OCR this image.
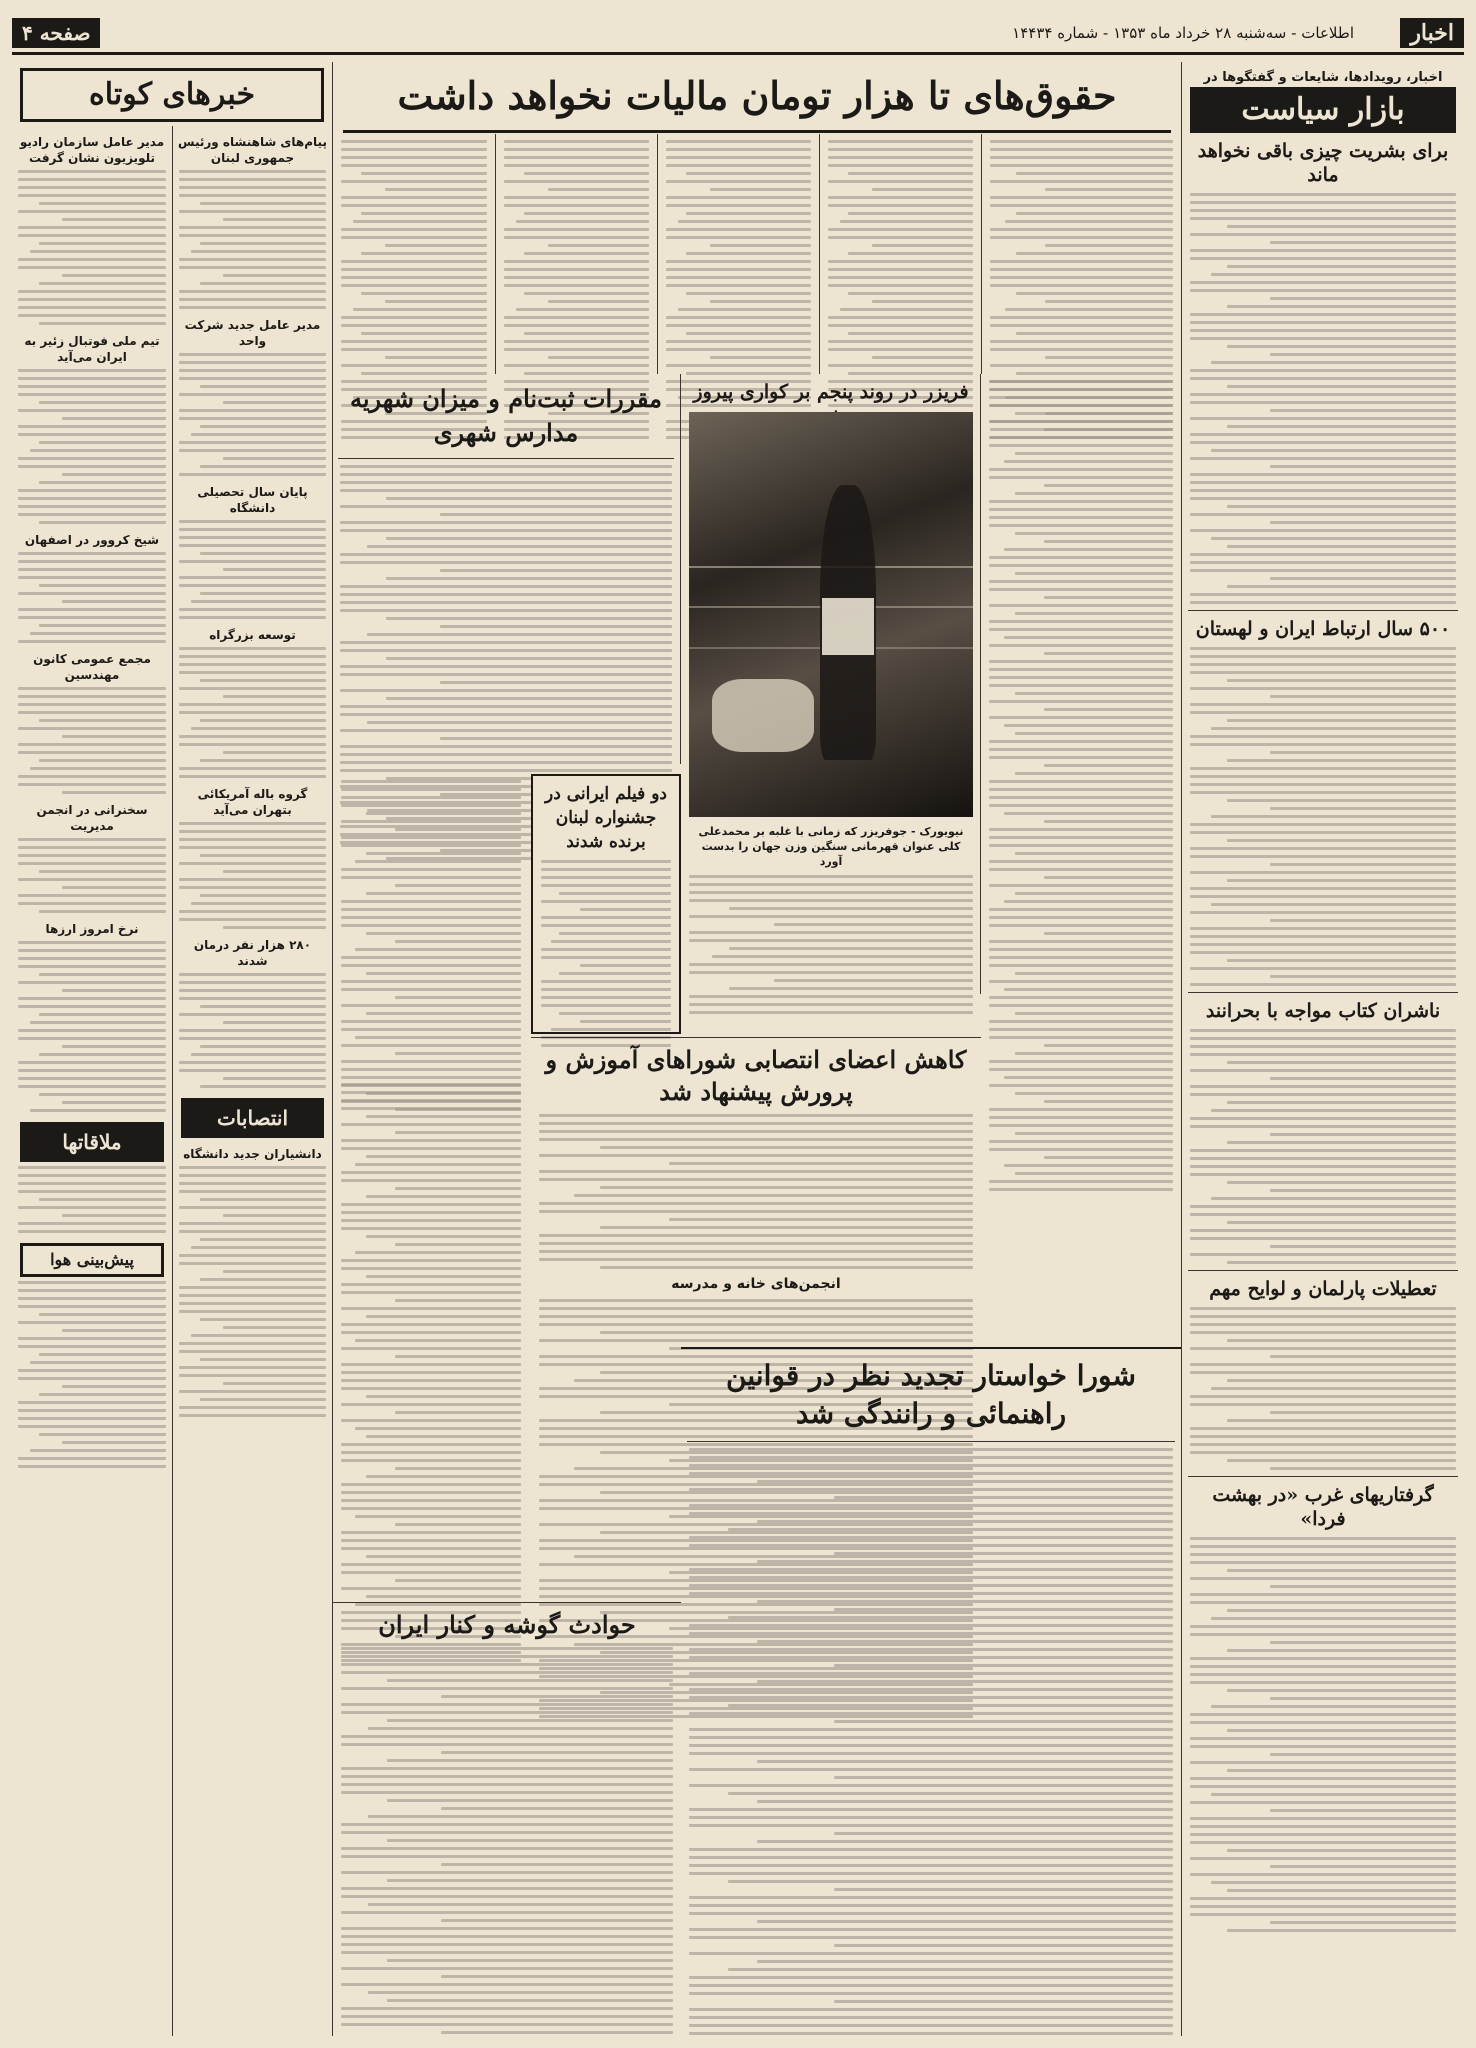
اخبار
اطلاعات - سه‌شنبه ۲۸ خرداد ماه ۱۳۵۳ - شماره ۱۴۴۳۴
صفحه ۴
اخبار، رویدادها، شایعات و گفتگوها در
بازار سیاست
برای بشریت چیزی باقی نخواهد ماند
۵۰۰ سال ارتباط ایران و لهستان
ناشران کتاب مواجه با بحرانند
تعطیلات پارلمان و لوایح مهم
گرفتاریهای غرب «در بهشت فردا»
حقوق‌های تا هزار تومان مالیات نخواهد داشت
فریزر در روند پنجم بر کواری پیروز
نیویورک - جوفریزر که زمانی با غلبه بر محمدعلی کلی عنوان قهرمانی سنگین وزن جهان را بدست آورد
مقررات ثبت‌نام و میزان شهریه مدارس شهری
دو فیلم ایرانی در جشنواره لبنان برنده شدند
کاهش اعضای انتصابی شوراهای آموزش و پرورش پیشنهاد شد
انجمن‌های خانه و مدرسه
شورا خواستار تجدید نظر در قوانین راهنمائی و رانندگی شد
حوادث گوشه و کنار ایران
خبرهای کوتاه
پیام‌های شاهنشاه ورئیس جمهوری لبنان
مدیر عامل جدید شرکت واحد
پایان سال تحصیلی دانشگاه
توسعه بزرگراه
گروه باله آمریکائی بتهران می‌آید
۲۸۰ هزار نفر درمان شدند
انتصابات
دانشیاران جدید دانشگاه
مدیر عامل سازمان رادیو تلویزیون نشان گرفت
تیم ملی فوتبال زئیر به ایران می‌آید
شیخ کروور در اصفهان
مجمع عمومی کانون مهندسین
سخنرانی در انجمن مدیریت
نرخ امروز ارزها
ملاقاتها
پیش‌بینی هوا
